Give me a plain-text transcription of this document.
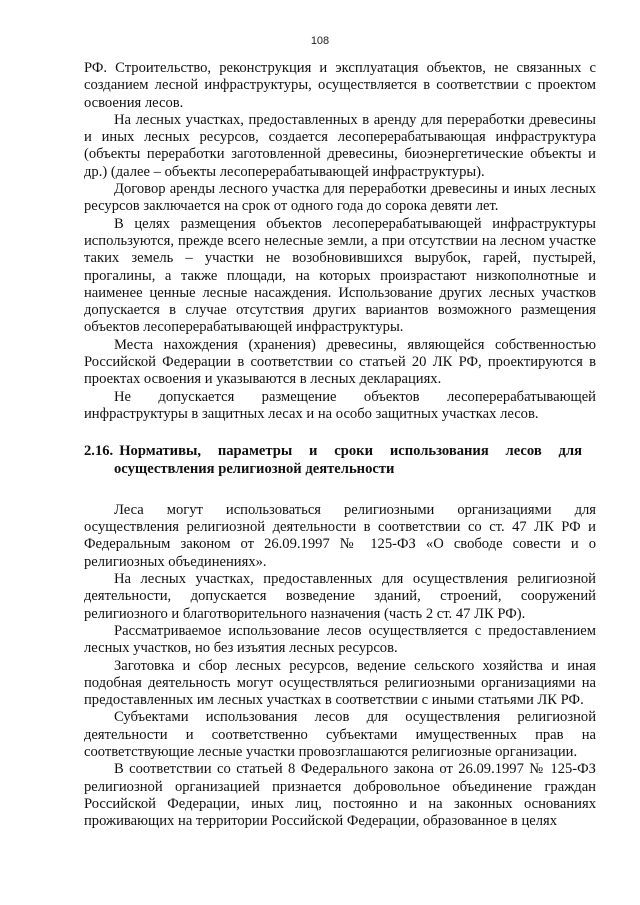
108

РФ. Строительство, реконструкция и эксплуатация объектов, не связанных с созданием лесной инфраструктуры, осуществляется в соответствии с проектом освоения лесов.

На лесных участках, предоставленных в аренду для переработки древесины и иных лесных ресурсов, создается лесоперерабатывающая инфраструктура (объекты переработки заготовленной древесины, биоэнергетические объекты и др.) (далее – объекты лесоперерабатывающей инфраструктуры).

Договор аренды лесного участка для переработки древесины и иных лесных ресурсов заключается на срок от одного года до сорока девяти лет.

В целях размещения объектов лесоперерабатывающей инфраструктуры используются, прежде всего нелесные земли, а при отсутствии на лесном участке таких земель – участки не возобновившихся вырубок, гарей, пустырей, прогалины, а также площади, на которых произрастают низкополнотные и наименее ценные лесные насаждения. Использование других лесных участков допускается в случае отсутствия других вариантов возможного размещения объектов лесоперерабатывающей инфраструктуры.

Места нахождения (хранения) древесины, являющейся собственностью Российской Федерации в соответствии со статьей 20 ЛК РФ, проектируются в проектах освоения и указываются в лесных декларациях.

Не допускается размещение объектов лесоперерабатывающей инфраструктуры в защитных лесах и на особо защитных участках лесов.

2.16. Нормативы, параметры и сроки использования лесов для осуществления религиозной деятельности

Леса могут использоваться религиозными организациями для осуществления религиозной деятельности в соответствии со ст. 47 ЛК РФ и Федеральным законом от 26.09.1997 № 125-ФЗ «О свободе совести и о религиозных объединениях».

На лесных участках, предоставленных для осуществления религиозной деятельности, допускается возведение зданий, строений, сооружений религиозного и благотворительного назначения (часть 2 ст. 47 ЛК РФ).

Рассматриваемое использование лесов осуществляется с предоставлением лесных участков, но без изъятия лесных ресурсов.

Заготовка и сбор лесных ресурсов, ведение сельского хозяйства и иная подобная деятельность могут осуществляться религиозными организациями на предоставленных им лесных участках в соответствии с иными статьями ЛК РФ.

Субъектами использования лесов для осуществления религиозной деятельности и соответственно субъектами имущественных прав на соответствующие лесные участки провозглашаются религиозные организации.

В соответствии со статьей 8 Федерального закона от 26.09.1997 № 125-ФЗ религиозной организацией признается добровольное объединение граждан Российской Федерации, иных лиц, постоянно и на законных основаниях проживающих на территории Российской Федерации, образованное в целях
